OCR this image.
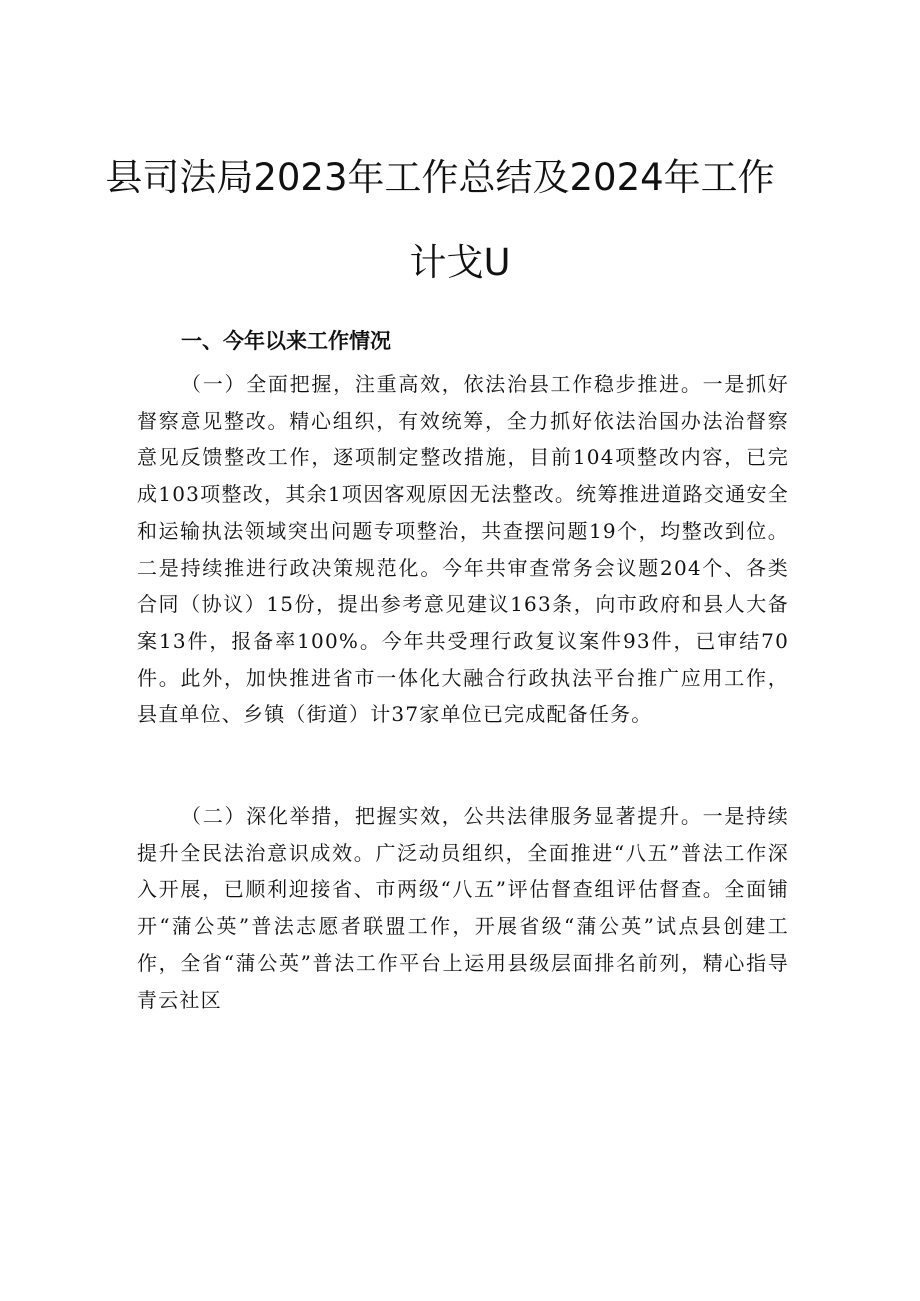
县司法局2023年工作总结及2024年工作
计戈U
一、今年以来工作情况

（一）全面把握，注重高效，依法治县工作稳步推进。一是抓好督察意见整改。精心组织，有效统筹，全力抓好依法治国办法治督察意见反馈整改工作，逐项制定整改措施，目前104项整改内容，已完成103项整改，其余1项因客观原因无法整改。统筹推进道路交通安全和运输执法领域突出问题专项整治，共查摆问题19个，均整改到位。二是持续推进行政决策规范化。今年共审查常务会议题204个、各类合同（协议）15份，提出参考意见建议163条，向市政府和县人大备案13件，报备率100%。今年共受理行政复议案件93件，已审结70件。此外，加快推进省市一体化大融合行政执法平台推广应用工作，县直单位、乡镇（街道）计37家单位已完成配备任务。

（二）深化举措，把握实效，公共法律服务显著提升。一是持续提升全民法治意识成效。广泛动员组织，全面推进“八五”普法工作深入开展，已顺利迎接省、市两级“八五”评估督查组评估督查。全面铺开“蒲公英”普法志愿者联盟工作，开展省级“蒲公英”试点县创建工作，全省“蒲公英”普法工作平台上运用县级层面排名前列，精心指导青云社区
